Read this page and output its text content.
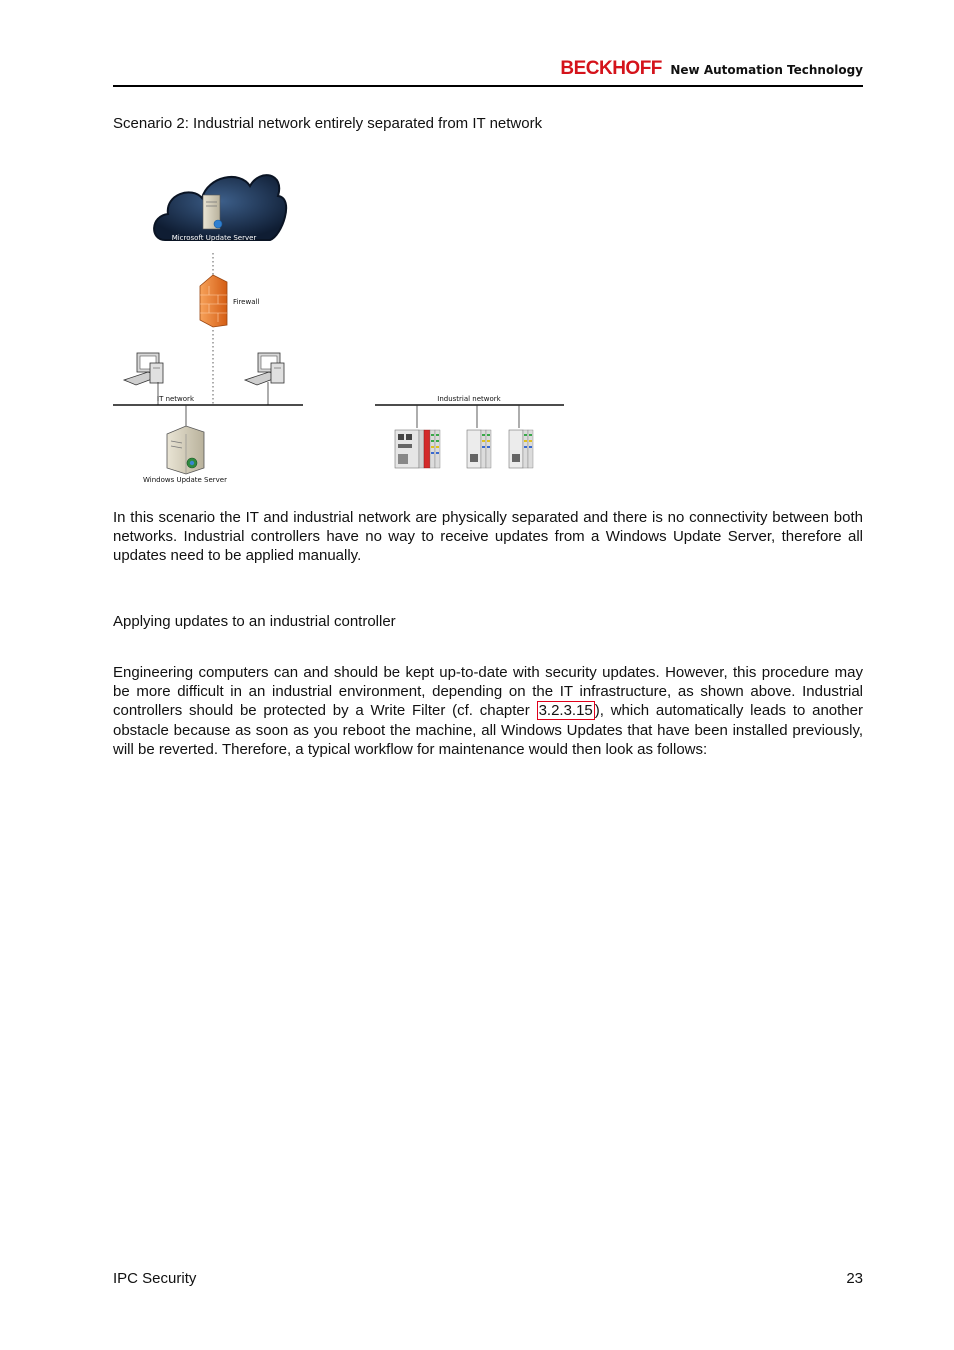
BECKHOFF New Automation Technology
Scenario 2: Industrial network entirely separated from IT network
Microsoft Update Server
Firewall
IT network
Windows Update Server
Industrial network

In this scenario the IT and industrial network are physically separated and there is no connectivity between both networks. Industrial controllers have no way to receive updates from a Windows Update Server, therefore all updates need to be applied manually.

Applying updates to an industrial controller

Engineering computers can and should be kept up-to-date with security updates. However, this procedure may be more difficult in an industrial environment, depending on the IT infrastructure, as shown above. Industrial controllers should be protected by a Write Filter (cf. chapter 3.2.3.15 ), which automatically leads to another obstacle because as soon as you reboot the machine, all Windows Updates that have been installed previously, will be reverted. Therefore, a typical workflow for maintenance would then look as follows:

IPC Security	23
